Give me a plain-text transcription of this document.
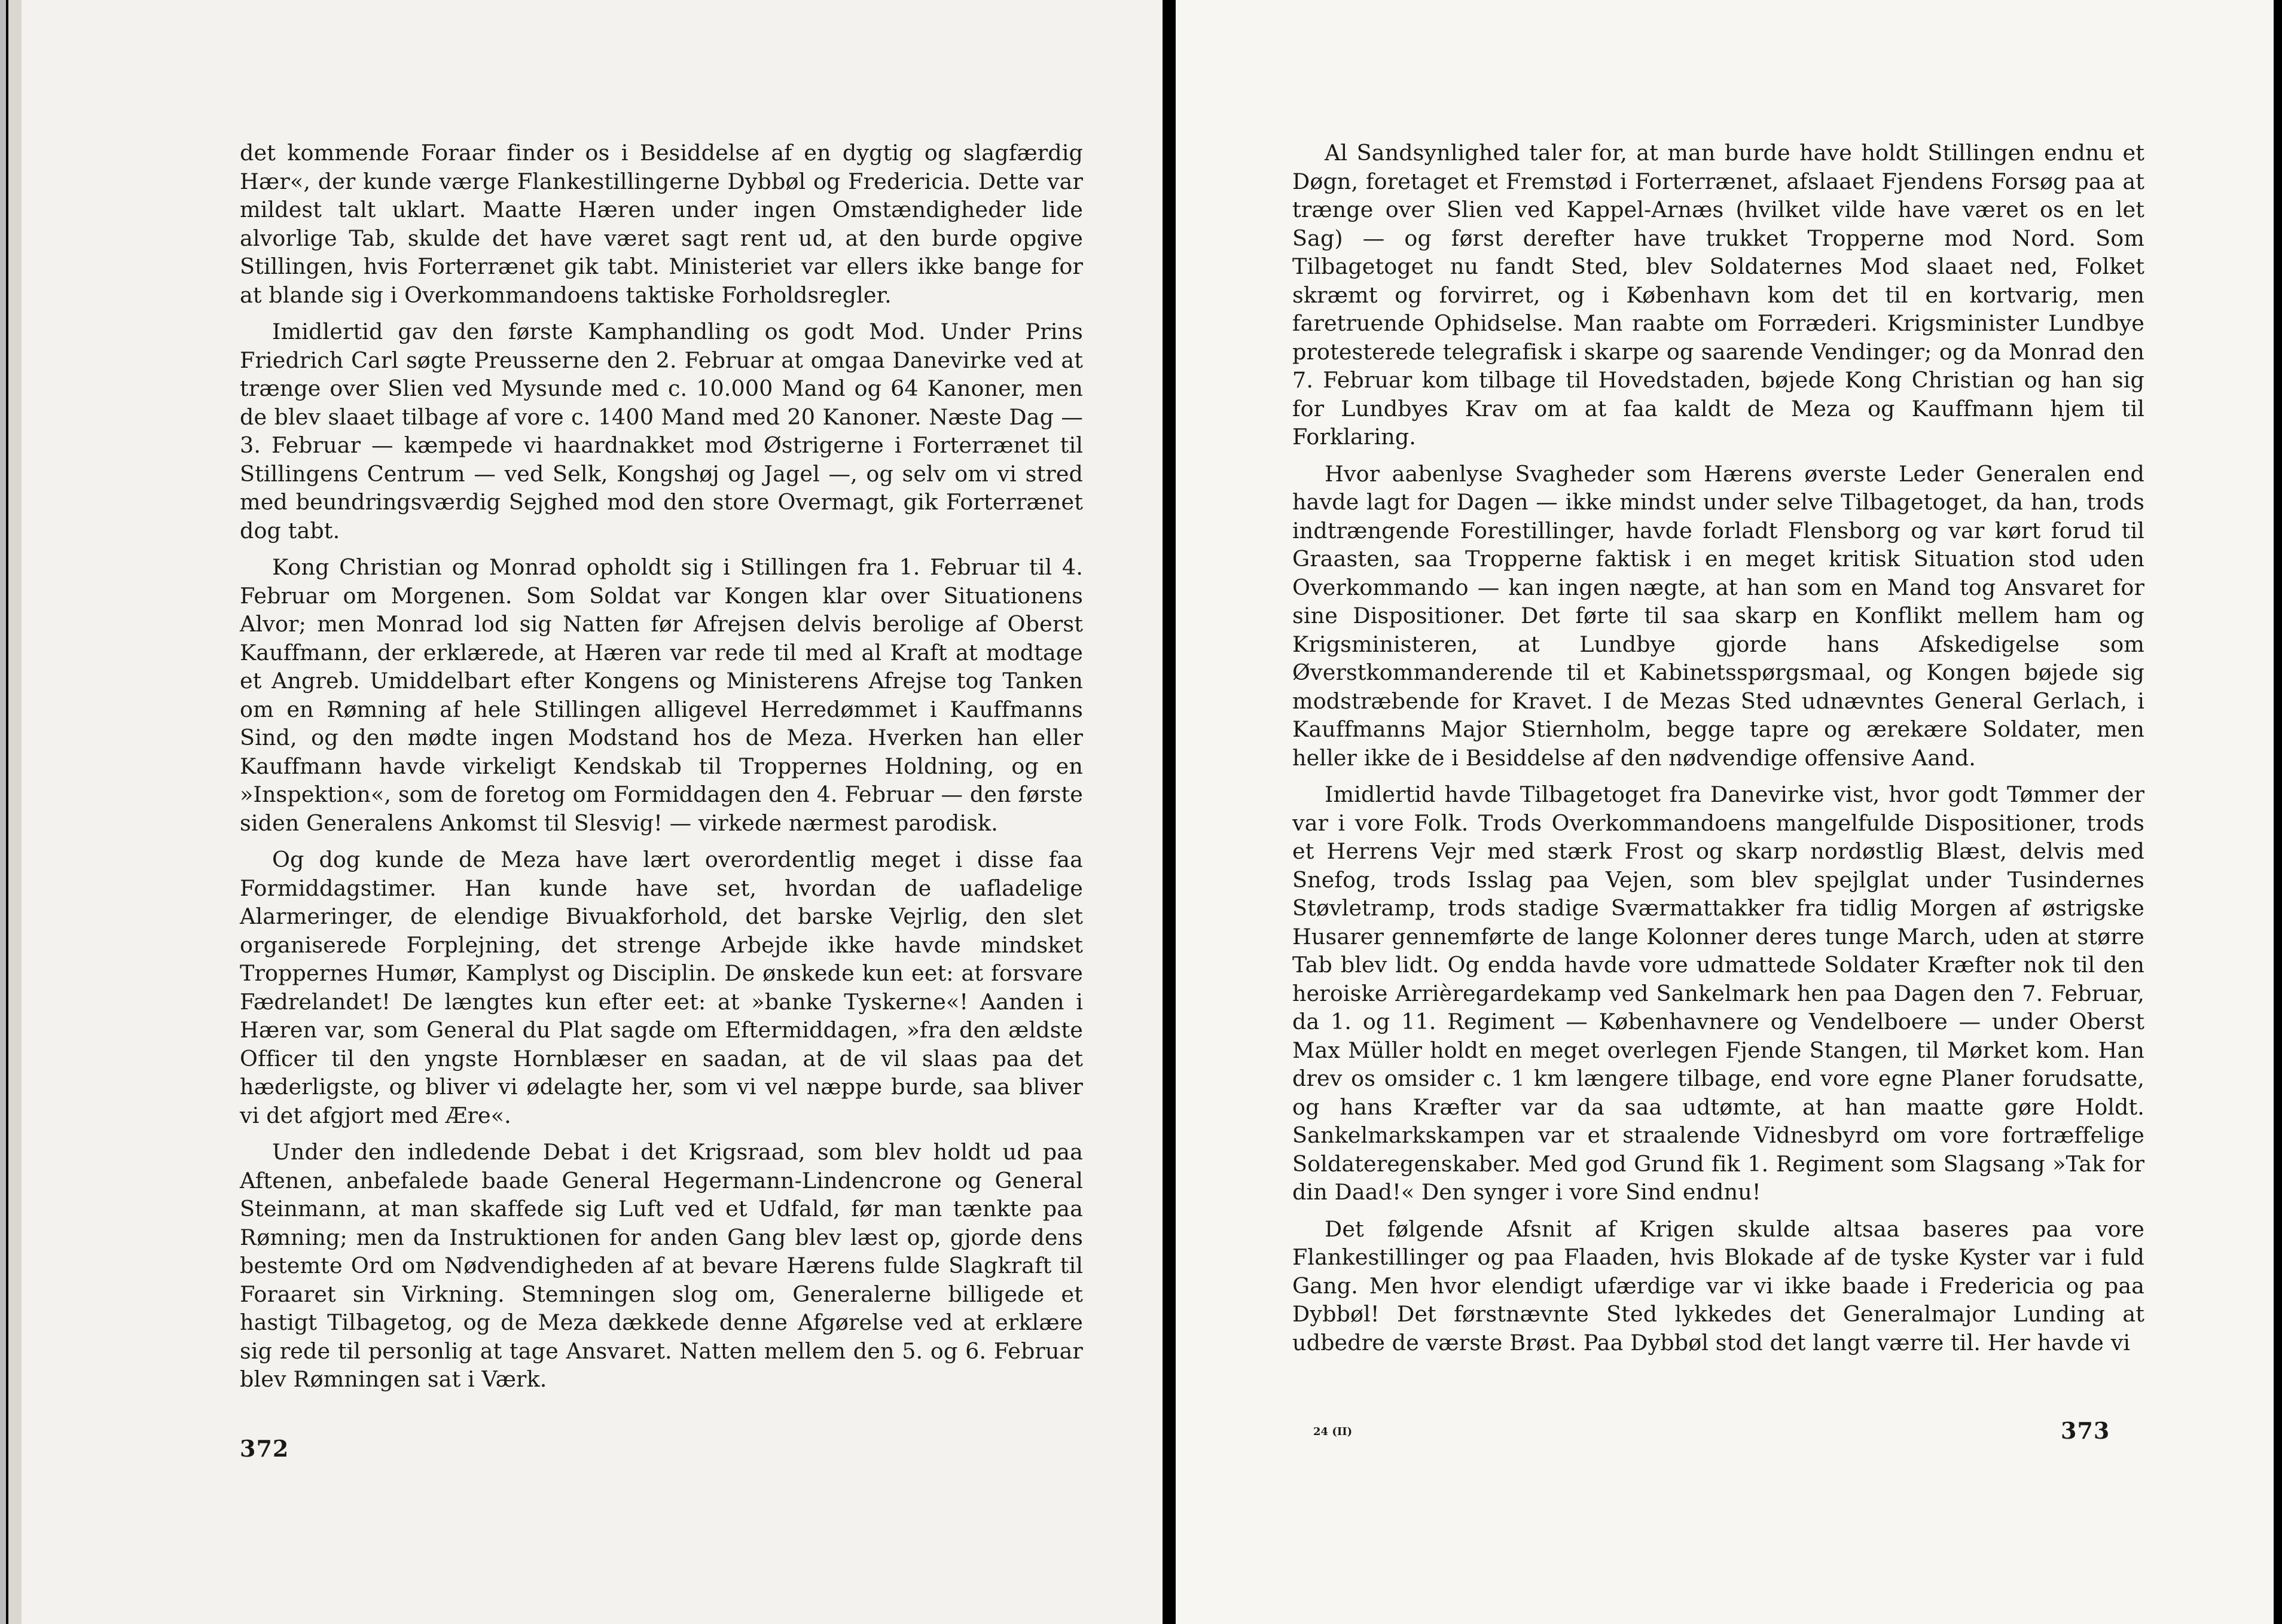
det kommende Foraar finder os i Besiddelse af en dygtig og slagfærdig Hær«, der kunde værge Flankestillingerne Dybbøl og Fredericia. Dette var mildest talt uklart. Maatte Hæren under ingen Omstændigheder lide alvorlige Tab, skulde det have været sagt rent ud, at den burde opgive Stillingen, hvis Forterrænet gik tabt. Ministeriet var ellers ikke bange for at blande sig i Overkommandoens taktiske Forholdsregler.

Imidlertid gav den første Kamphandling os godt Mod. Under Prins Friedrich Carl søgte Preusserne den 2. Februar at omgaa Danevirke ved at trænge over Slien ved Mysunde med c. 10.000 Mand og 64 Kanoner, men de blev slaaet tilbage af vore c. 1400 Mand med 20 Kanoner. Næste Dag — 3. Februar — kæmpede vi haardnakket mod Østrigerne i Forterrænet til Stillingens Centrum — ved Selk, Kongshøj og Jagel —, og selv om vi stred med beundringsværdig Sejghed mod den store Overmagt, gik Forterrænet dog tabt.

Kong Christian og Monrad opholdt sig i Stillingen fra 1. Februar til 4. Februar om Morgenen. Som Soldat var Kongen klar over Situationens Alvor; men Monrad lod sig Natten før Afrejsen delvis berolige af Oberst Kauffmann, der erklærede, at Hæren var rede til med al Kraft at modtage et Angreb. Umiddelbart efter Kongens og Ministerens Afrejse tog Tanken om en Rømning af hele Stillingen alligevel Herredømmet i Kauffmanns Sind, og den mødte ingen Modstand hos de Meza. Hverken han eller Kauffmann havde virkeligt Kendskab til Troppernes Holdning, og en »Inspektion«, som de foretog om Formiddagen den 4. Februar — den første siden Generalens Ankomst til Slesvig! — virkede nærmest parodisk.

Og dog kunde de Meza have lært overordentlig meget i disse faa Formiddagstimer. Han kunde have set, hvordan de uafladelige Alarmeringer, de elendige Bivuakforhold, det barske Vejrlig, den slet organiserede Forplejning, det strenge Arbejde ikke havde mindsket Troppernes Humør, Kamplyst og Disciplin. De ønskede kun eet: at forsvare Fædrelandet! De længtes kun efter eet: at »banke Tyskerne«! Aanden i Hæren var, som General du Plat sagde om Eftermiddagen, »fra den ældste Officer til den yngste Hornblæser en saadan, at de vil slaas paa det hæderligste, og bliver vi ødelagte her, som vi vel næppe burde, saa bliver vi det afgjort med Ære«.

Under den indledende Debat i det Krigsraad, som blev holdt ud paa Aftenen, anbefalede baade General Hegermann-Lindencrone og General Steinmann, at man skaffede sig Luft ved et Udfald, før man tænkte paa Rømning; men da Instruktionen for anden Gang blev læst op, gjorde dens bestemte Ord om Nødvendigheden af at bevare Hærens fulde Slagkraft til Foraaret sin Virkning. Stemningen slog om, Generalerne billigede et hastigt Tilbagetog, og de Meza dækkede denne Afgørelse ved at erklære sig rede til personlig at tage Ansvaret. Natten mellem den 5. og 6. Februar blev Rømningen sat i Værk.

372

Al Sandsynlighed taler for, at man burde have holdt Stillingen endnu et Døgn, foretaget et Fremstød i Forterrænet, afslaaet Fjendens Forsøg paa at trænge over Slien ved Kappel-Arnæs (hvilket vilde have været os en let Sag) — og først derefter have trukket Tropperne mod Nord. Som Tilbagetoget nu fandt Sted, blev Soldaternes Mod slaaet ned, Folket skræmt og forvirret, og i København kom det til en kortvarig, men faretruende Ophidselse. Man raabte om Forræderi. Krigsminister Lundbye protesterede telegrafisk i skarpe og saarende Vendinger; og da Monrad den 7. Februar kom tilbage til Hovedstaden, bøjede Kong Christian og han sig for Lundbyes Krav om at faa kaldt de Meza og Kauffmann hjem til Forklaring.

Hvor aabenlyse Svagheder som Hærens øverste Leder Generalen end havde lagt for Dagen — ikke mindst under selve Tilbagetoget, da han, trods indtrængende Forestillinger, havde forladt Flensborg og var kørt forud til Graasten, saa Tropperne faktisk i en meget kritisk Situation stod uden Overkommando — kan ingen nægte, at han som en Mand tog Ansvaret for sine Dispositioner. Det førte til saa skarp en Konflikt mellem ham og Krigsministeren, at Lundbye gjorde hans Afskedigelse som Øverstkommanderende til et Kabinetsspørgsmaal, og Kongen bøjede sig modstræbende for Kravet. I de Mezas Sted udnævntes General Gerlach, i Kauffmanns Major Stiernholm, begge tapre og ærekære Soldater, men heller ikke de i Besiddelse af den nødvendige offensive Aand.

Imidlertid havde Tilbagetoget fra Danevirke vist, hvor godt Tømmer der var i vore Folk. Trods Overkommandoens mangelfulde Dispositioner, trods et Herrens Vejr med stærk Frost og skarp nordøstlig Blæst, delvis med Snefog, trods Isslag paa Vejen, som blev spejlglat under Tusindernes Støvletramp, trods stadige Sværmattakker fra tidlig Morgen af østrigske Husarer gennemførte de lange Kolonner deres tunge March, uden at større Tab blev lidt. Og endda havde vore udmattede Soldater Kræfter nok til den heroiske Arrièregardekamp ved Sankelmark hen paa Dagen den 7. Februar, da 1. og 11. Regiment — Københavnere og Vendelboere — under Oberst Max Müller holdt en meget overlegen Fjende Stangen, til Mørket kom. Han drev os omsider c. 1 km længere tilbage, end vore egne Planer forudsatte, og hans Kræfter var da saa udtømte, at han maatte gøre Holdt. Sankelmarkskampen var et straalende Vidnesbyrd om vore fortræffelige Soldateregenskaber. Med god Grund fik 1. Regiment som Slagsang »Tak for din Daad!« Den synger i vore Sind endnu!

Det følgende Afsnit af Krigen skulde altsaa baseres paa vore Flankestillinger og paa Flaaden, hvis Blokade af de tyske Kyster var i fuld Gang. Men hvor elendigt ufærdige var vi ikke baade i Fredericia og paa Dybbøl! Det førstnævnte Sted lykkedes det Generalmajor Lunding at udbedre de værste Brøst. Paa Dybbøl stod det langt værre til. Her havde vi

24 (II)	373
